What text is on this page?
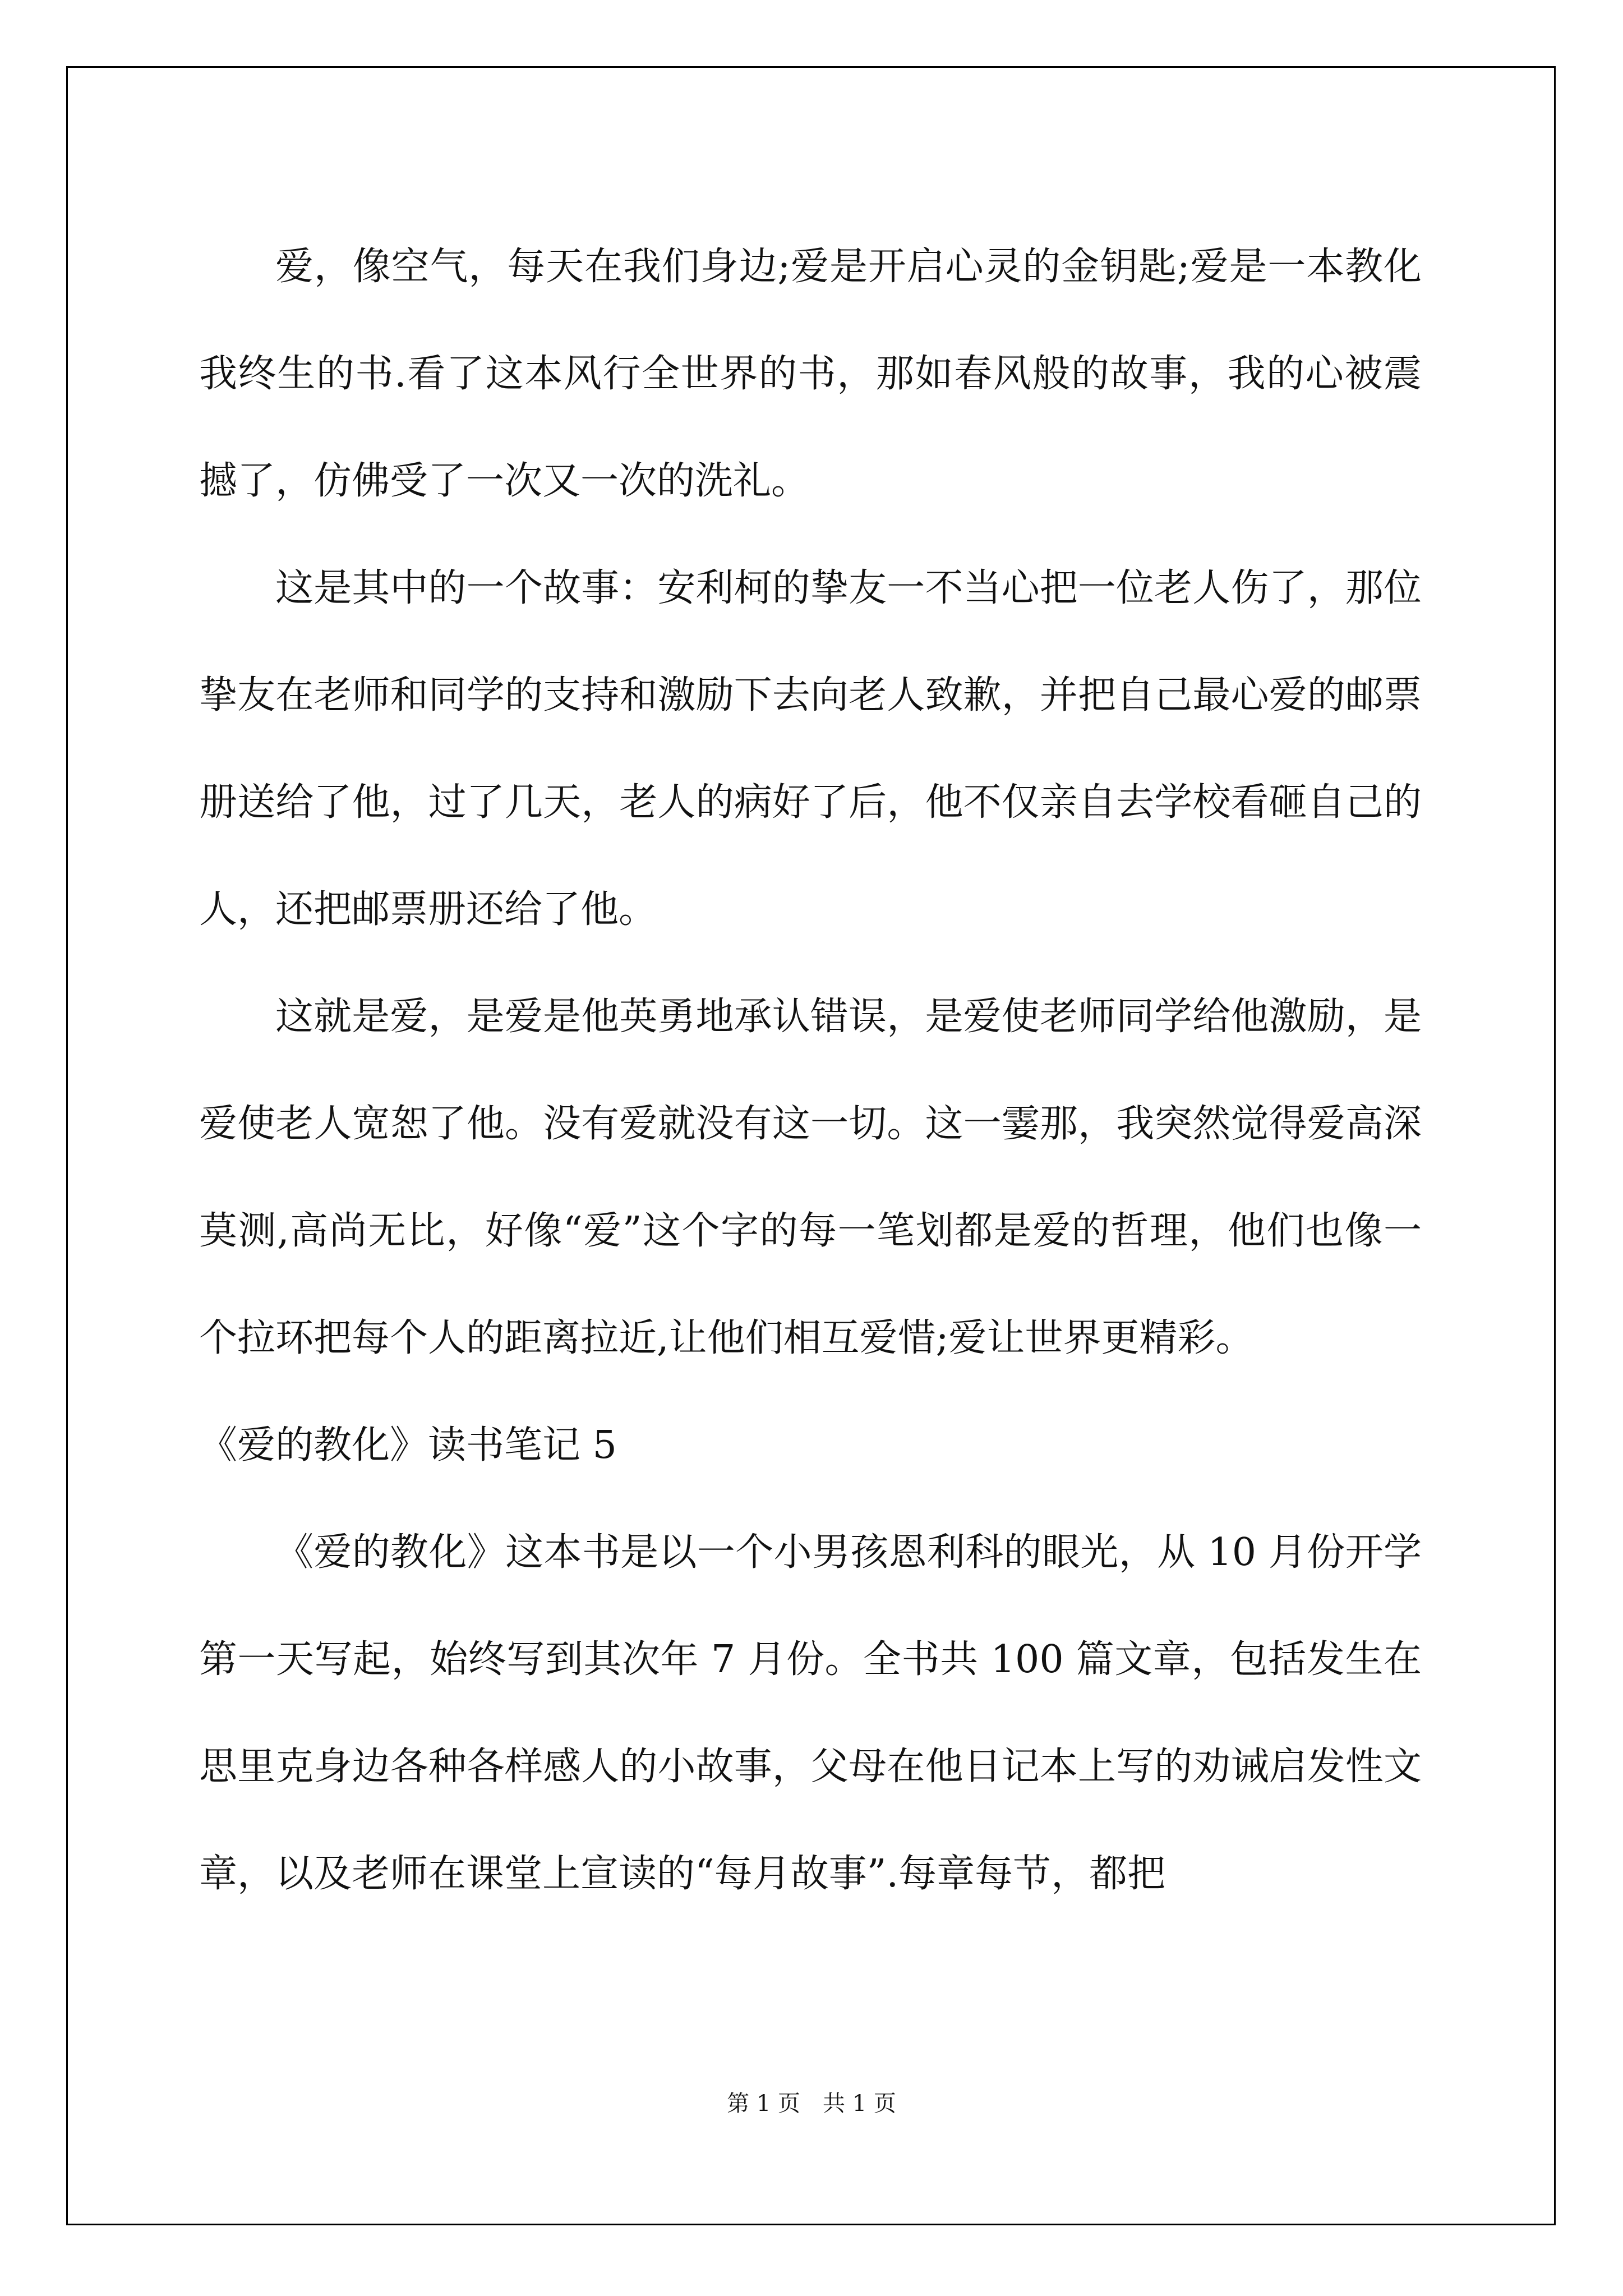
爱，像空气，每天在我们身边;爱是开启心灵的金钥匙;爱是一本教化我终生的书.看了这本风行全世界的书，那如春风般的故事，我的心被震撼了，仿佛受了一次又一次的洗礼。

这是其中的一个故事：安利柯的挚友一不当心把一位老人伤了，那位挚友在老师和同学的支持和激励下去向老人致歉，并把自己最心爱的邮票册送给了他，过了几天，老人的病好了后，他不仅亲自去学校看砸自己的人，还把邮票册还给了他。

这就是爱，是爱是他英勇地承认错误，是爱使老师同学给他激励，是爱使老人宽恕了他。没有爱就没有这一切。这一霎那，我突然觉得爱高深莫测,高尚无比，好像“爱”这个字的每一笔划都是爱的哲理，他们也像一个拉环把每个人的距离拉近,让他们相互爱惜;爱让世界更精彩。

《爱的教化》读书笔记 5

《爱的教化》这本书是以一个小男孩恩利科的眼光，从 10 月份开学第一天写起，始终写到其次年 7 月份。全书共 100 篇文章，包括发生在思里克身边各种各样感人的小故事，父母在他日记本上写的劝诫启发性文章，以及老师在课堂上宣读的“每月故事”.每章每节，都把

第 1 页　共 1 页
